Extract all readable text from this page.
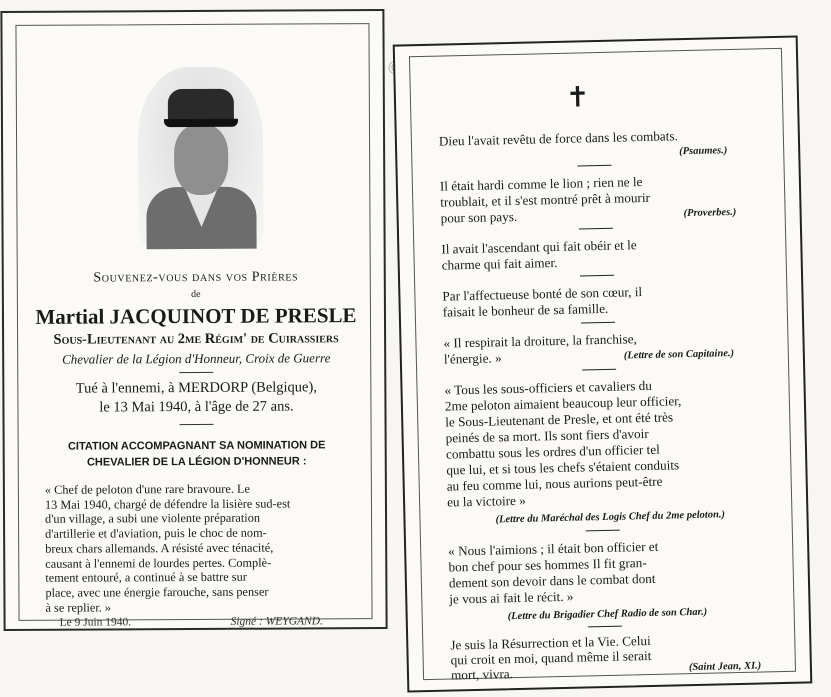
Souvenez-vous dans vos Prières
de
Martial JACQUINOT DE PRESLE
Sous-Lieutenant au 2me Régim' de Cuirassiers
Chevalier de la Légion d'Honneur, Croix de Guerre
Tué à l'ennemi, à MERDORP (Belgique),
le 13 Mai 1940, à l'âge de 27 ans.
CITATION ACCOMPAGNANT SA NOMINATION DE
CHEVALIER DE LA LÉGION D'HONNEUR :
« Chef de peloton d'une rare bravoure. Le
13 Mai 1940, chargé de défendre la lisière sud-est
d'un village, a subi une violente préparation
d'artillerie et d'aviation, puis le choc de nom-
breux chars allemands. A résisté avec ténacité,
causant à l'ennemi de lourdes pertes. Complè-
tement entouré, a continué à se battre sur
place, avec une énergie farouche, sans penser
à se replier. »
Le 9 Juin 1940.	Signé : WEYGAND.
✝
Dieu l'avait revêtu de force dans les combats.
(Psaumes.)
Il était hardi comme le lion ; rien ne le
troublait, et il s'est montré prêt à mourir
pour son pays.	(Proverbes.)
Il avait l'ascendant qui fait obéir et le
charme qui fait aimer.
Par l'affectueuse bonté de son cœur, il
faisait le bonheur de sa famille.
« Il respirait la droiture, la franchise,
l'énergie. »	(Lettre de son Capitaine.)
« Tous les sous-officiers et cavaliers du
2me peloton aimaient beaucoup leur officier,
le Sous-Lieutenant de Presle, et ont été très
peinés de sa mort. Ils sont fiers d'avoir
combattu sous les ordres d'un officier tel
que lui, et si tous les chefs s'étaient conduits
au feu comme lui, nous aurions peut-être
eu la victoire »
(Lettre du Maréchal des Logis Chef du 2me peloton.)
« Nous l'aimions ; il était bon officier et
bon chef pour ses hommes Il fit gran-
dement son devoir dans le combat dont
je vous ai fait le récit. »
(Lettre du Brigadier Chef Radio de son Char.)
Je suis la Résurrection et la Vie. Celui
qui croit en moi, quand même il serait
mort, vivra.	(Saint Jean, XI.)
